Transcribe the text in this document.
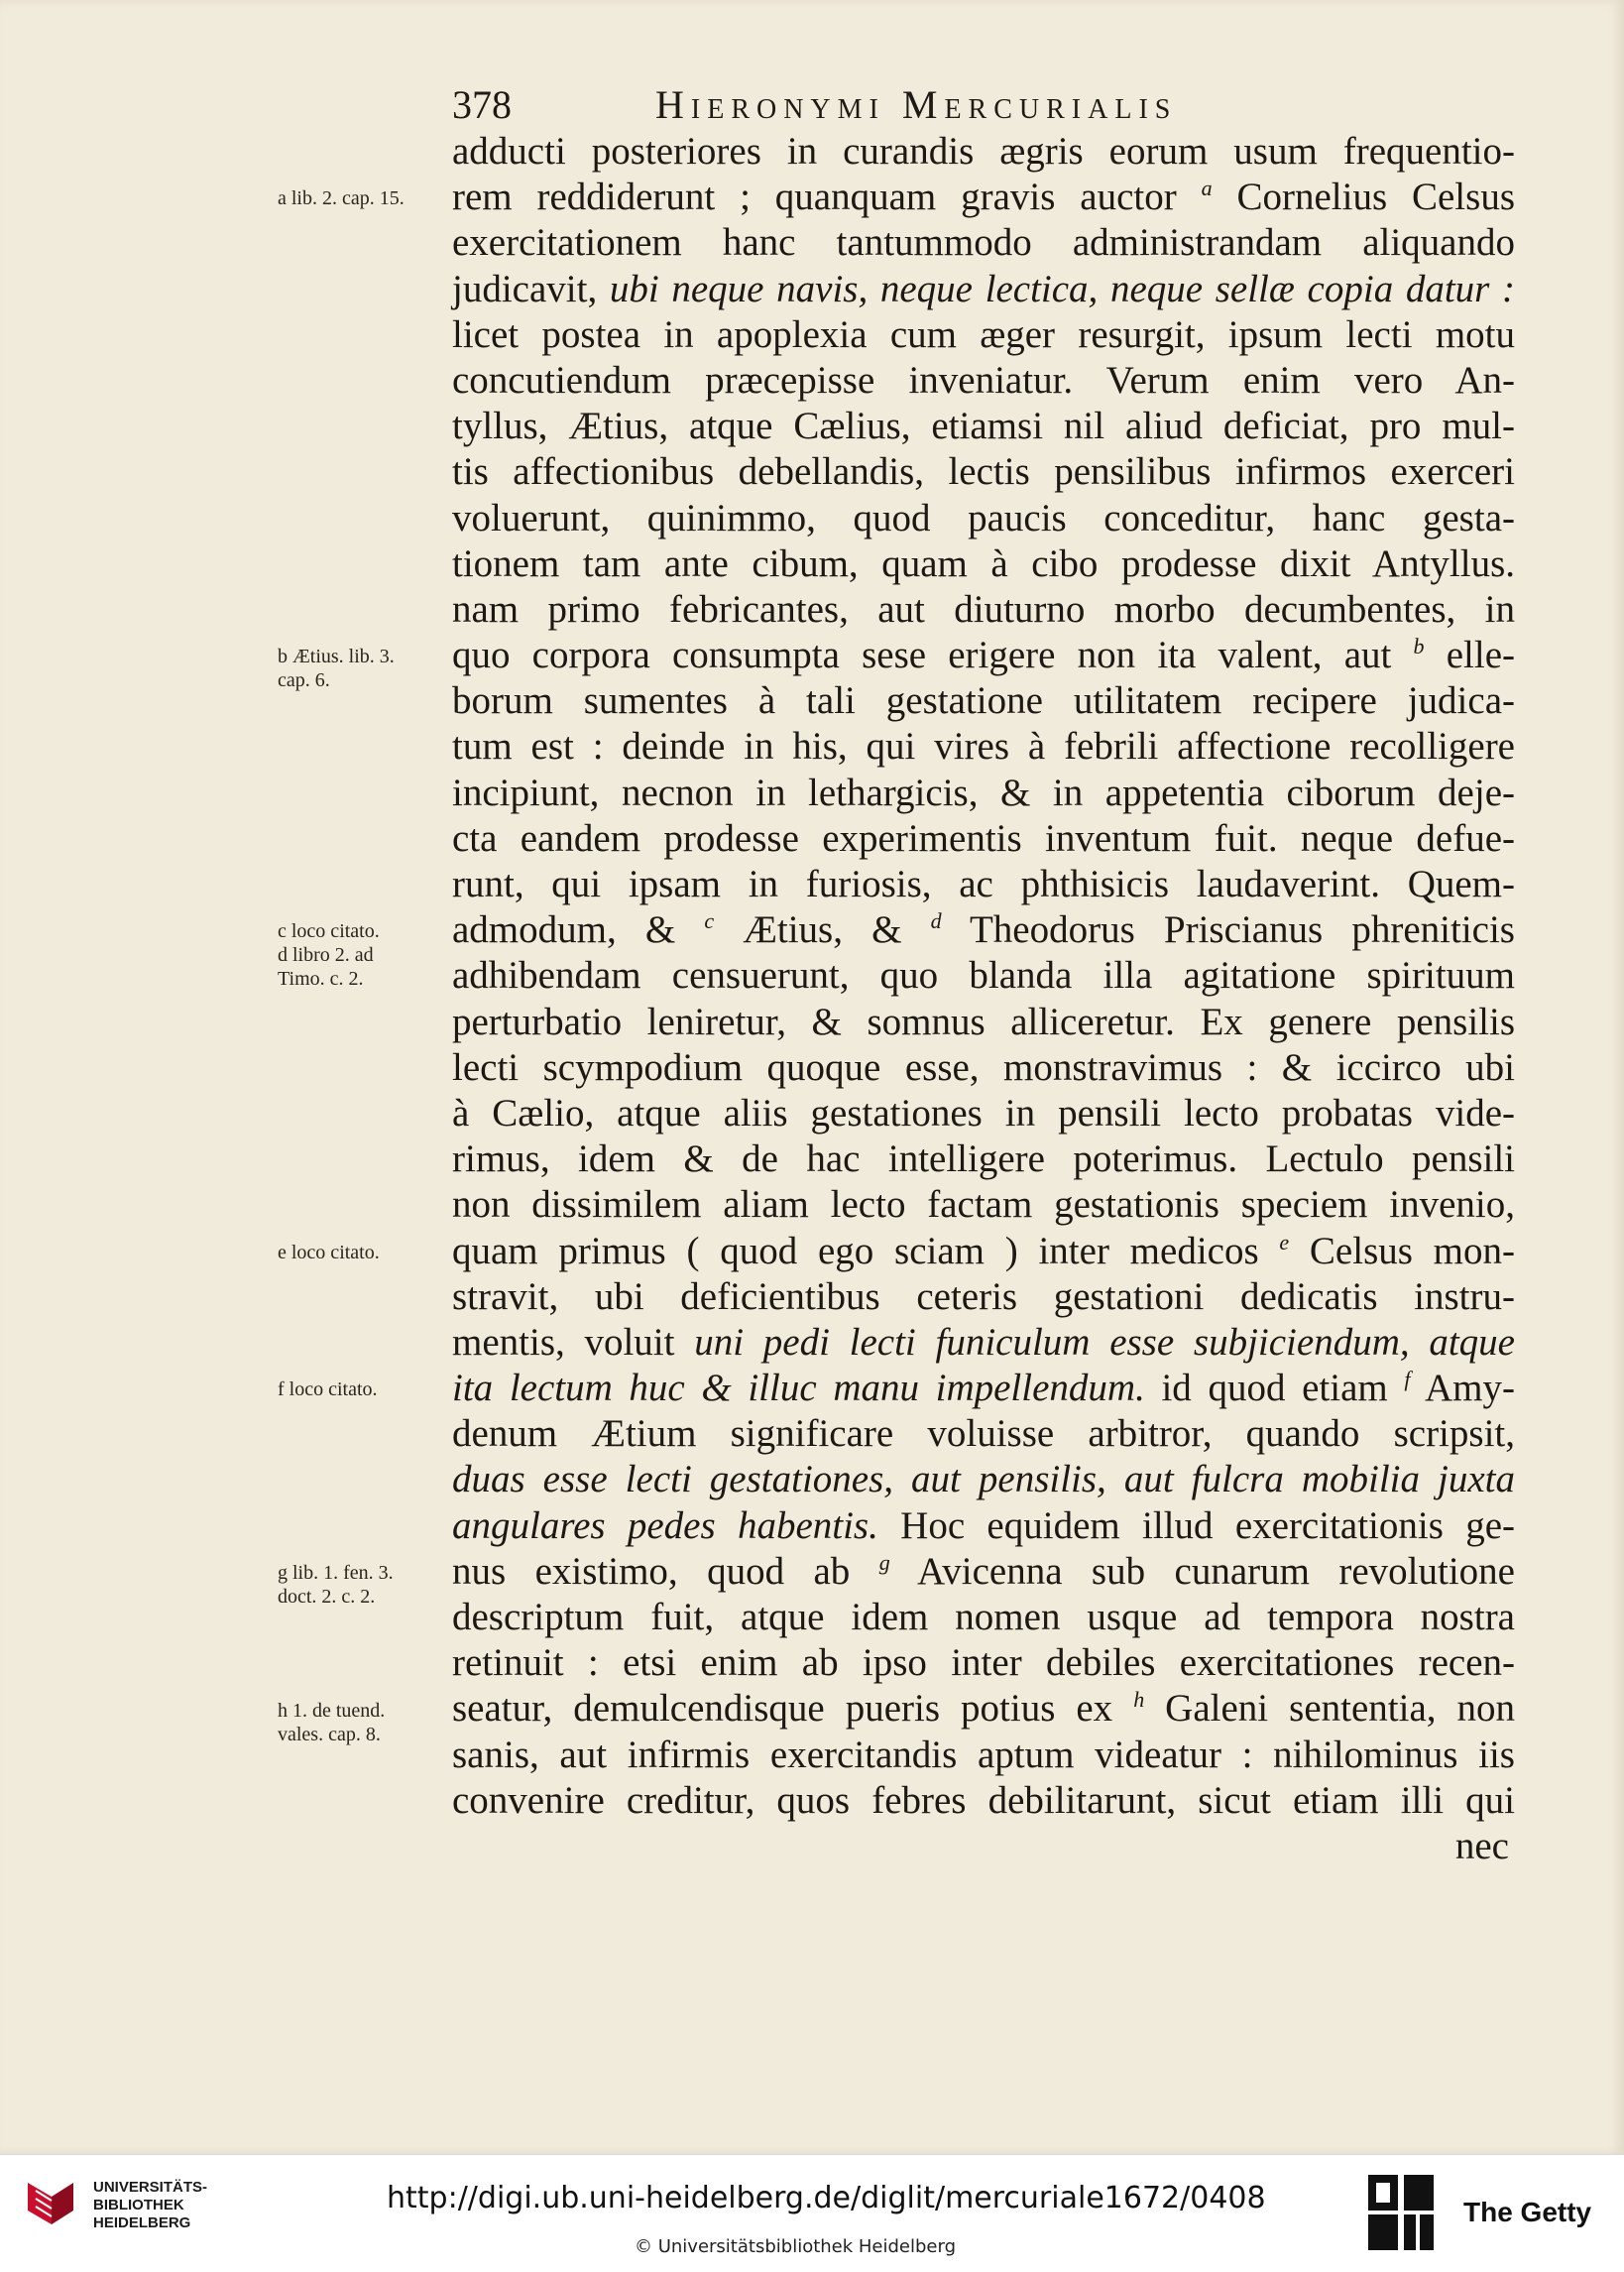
378	Hieronymi Mercurialis
adducti posteriores in curandis ægris eorum usum frequentio-
rem reddiderunt ; quanquam gravis auctor $^a$ Cornelius Celsus
exercitationem hanc tantummodo administrandam aliquando
judicavit, ubi neque navis, neque lectica, neque sellæ copia datur :
licet postea in apoplexia cum æger resurgit, ipsum lecti motu
concutiendum præcepisse inveniatur. Verum enim vero An-
tyllus, Ætius, atque Cælius, etiamsi nil aliud deficiat, pro mul-
tis affectionibus debellandis, lectis pensilibus infirmos exerceri
voluerunt, quinimmo, quod paucis conceditur, hanc gesta-
tionem tam ante cibum, quam à cibo prodesse dixit Antyllus.
nam primo febricantes, aut diuturno morbo decumbentes, in
quo corpora consumpta sese erigere non ita valent, aut $^b$ elle-
borum sumentes à tali gestatione utilitatem recipere judica-
tum est : deinde in his, qui vires à febrili affectione recolligere
incipiunt, necnon in lethargicis, & in appetentia ciborum deje-
cta eandem prodesse experimentis inventum fuit. neque defue-
runt, qui ipsam in furiosis, ac phthisicis laudaverint. Quem-
admodum, & $^c$ Ætius, & $^d$ Theodorus Priscianus phreniticis
adhibendam censuerunt, quo blanda illa agitatione spirituum
perturbatio leniretur, & somnus alliceretur. Ex genere pensilis
lecti scympodium quoque esse, monstravimus : & iccirco ubi
à Cælio, atque aliis gestationes in pensili lecto probatas vide-
rimus, idem & de hac intelligere poterimus. Lectulo pensili
non dissimilem aliam lecto factam gestationis speciem invenio,
quam primus ( quod ego sciam ) inter medicos $^e$ Celsus mon-
stravit, ubi deficientibus ceteris gestationi dedicatis instru-
mentis, voluit uni pedi lecti funiculum esse subjiciendum, atque
ita lectum huc & illuc manu impellendum. id quod etiam $^f$ Amy-
denum Ætium significare voluisse arbitror, quando scripsit,
duas esse lecti gestationes, aut pensilis, aut fulcra mobilia juxta
angulares pedes habentis. Hoc equidem illud exercitationis ge-
nus existimo, quod ab $^g$ Avicenna sub cunarum revolutione
descriptum fuit, atque idem nomen usque ad tempora nostra
retinuit : etsi enim ab ipso inter debiles exercitationes recen-
seatur, demulcendisque pueris potius ex $^h$ Galeni sententia, non
sanis, aut infirmis exercitandis aptum videatur : nihilominus iis
convenire creditur, quos febres debilitarunt, sicut etiam illi qui
nec
a lib. 2. cap. 15.
b Ætius. lib. 3.
cap. 6.
c loco citato.
d libro 2. ad
Timo. c. 2.
e loco citato.
f loco citato.
g lib. 1. fen. 3.
doct. 2. c. 2.
h 1. de tuend.
vales. cap. 8.
UNIVERSITÄTS-
BIBLIOTHEK
HEIDELBERG
http://digi.ub.uni-heidelberg.de/diglit/mercuriale1672/0408
© Universitätsbibliothek Heidelberg
The Getty
